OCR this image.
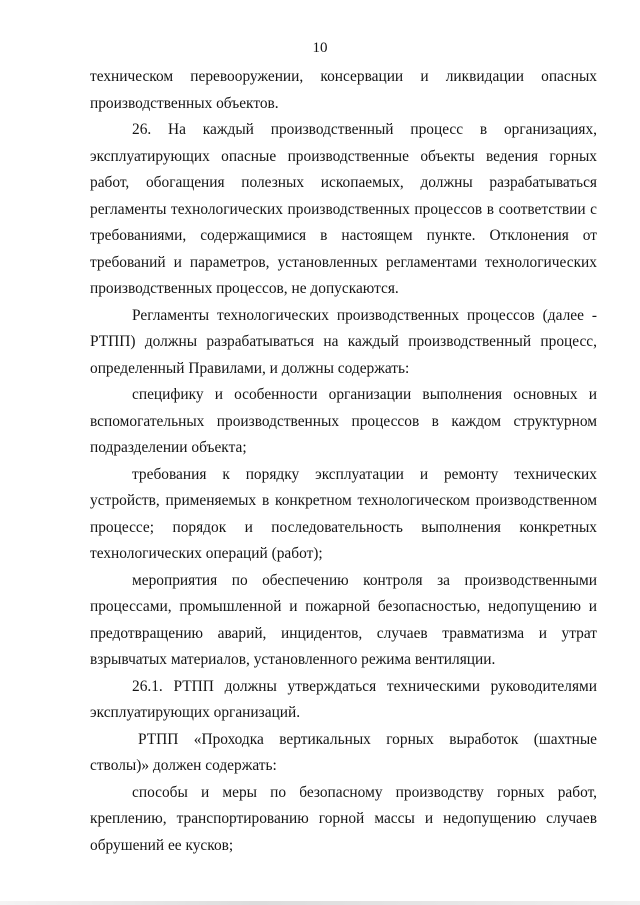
10

техническом перевооружении, консервации и ликвидации опасных производственных объектов.

26. На каждый производственный процесс в организациях, эксплуатирующих опасные производственные объекты ведения горных работ, обогащения полезных ископаемых, должны разрабатываться регламенты технологических производственных процессов в соответствии с требованиями, содержащимися в настоящем пункте. Отклонения от требований и параметров, установленных регламентами технологических производственных процессов, не допускаются.

Регламенты технологических производственных процессов (далее - РТПП) должны разрабатываться на каждый производственный процесс, определенный Правилами, и должны содержать:

специфику и особенности организации выполнения основных и вспомогательных производственных процессов в каждом структурном подразделении объекта;

требования к порядку эксплуатации и ремонту технических устройств, применяемых в конкретном технологическом производственном процессе; порядок и последовательность выполнения конкретных технологических операций (работ);

мероприятия по обеспечению контроля за производственными процессами, промышленной и пожарной безопасностью, недопущению и предотвращению аварий, инцидентов, случаев травматизма и утрат взрывчатых материалов, установленного режима вентиляции.

26.1. РТПП должны утверждаться техническими руководителями эксплуатирующих организаций.

РТПП «Проходка вертикальных горных выработок (шахтные стволы)» должен содержать:

способы и меры по безопасному производству горных работ, креплению, транспортированию горной массы и недопущению случаев обрушений ее кусков;
